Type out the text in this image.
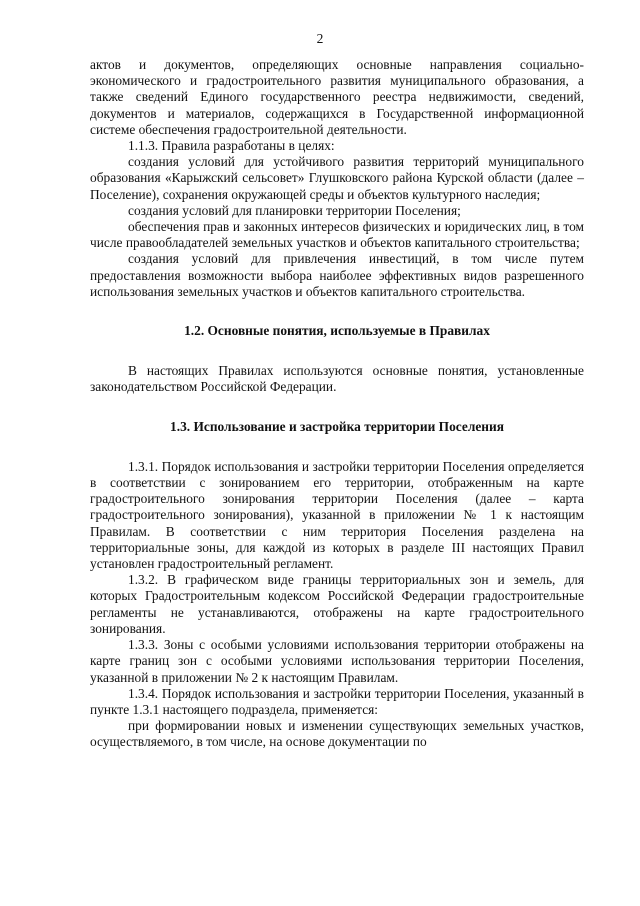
2

актов и документов, определяющих основные направления социально-экономического и градостроительного развития муниципального образования, а также сведений Единого государственного реестра недвижимости, сведений, документов и материалов, содержащихся в Государственной информационной системе обеспечения градостроительной деятельности.

1.1.3. Правила разработаны в целях:

создания условий для устойчивого развития территорий муниципального образования «Карыжский сельсовет» Глушковского района Курской области (далее – Поселение), сохранения окружающей среды и объектов культурного наследия;

создания условий для планировки территории Поселения;

обеспечения прав и законных интересов физических и юридических лиц, в том числе правообладателей земельных участков и объектов капитального строительства;

создания условий для привлечения инвестиций, в том числе путем предоставления возможности выбора наиболее эффективных видов разрешенного использования земельных участков и объектов капитального строительства.

1.2. Основные понятия, используемые в Правилах

В настоящих Правилах используются основные понятия, установленные законодательством Российской Федерации.

1.3. Использование и застройка территории Поселения

1.3.1. Порядок использования и застройки территории Поселения определяется в соответствии с зонированием его территории, отображенным на карте градостроительного зонирования территории Поселения (далее – карта градостроительного зонирования), указанной в приложении № 1 к настоящим Правилам. В соответствии с ним территория Поселения разделена на территориальные зоны, для каждой из которых в разделе III настоящих Правил установлен градостроительный регламент.

1.3.2. В графическом виде границы территориальных зон и земель, для которых Градостроительным кодексом Российской Федерации градостроительные регламенты не устанавливаются, отображены на карте градостроительного зонирования.

1.3.3. Зоны с особыми условиями использования территории отображены на карте границ зон с особыми условиями использования территории Поселения, указанной в приложении № 2 к настоящим Правилам.

1.3.4. Порядок использования и застройки территории Поселения, указанный в пункте 1.3.1 настоящего подраздела, применяется:

при формировании новых и изменении существующих земельных участков, осуществляемого, в том числе, на основе документации по
